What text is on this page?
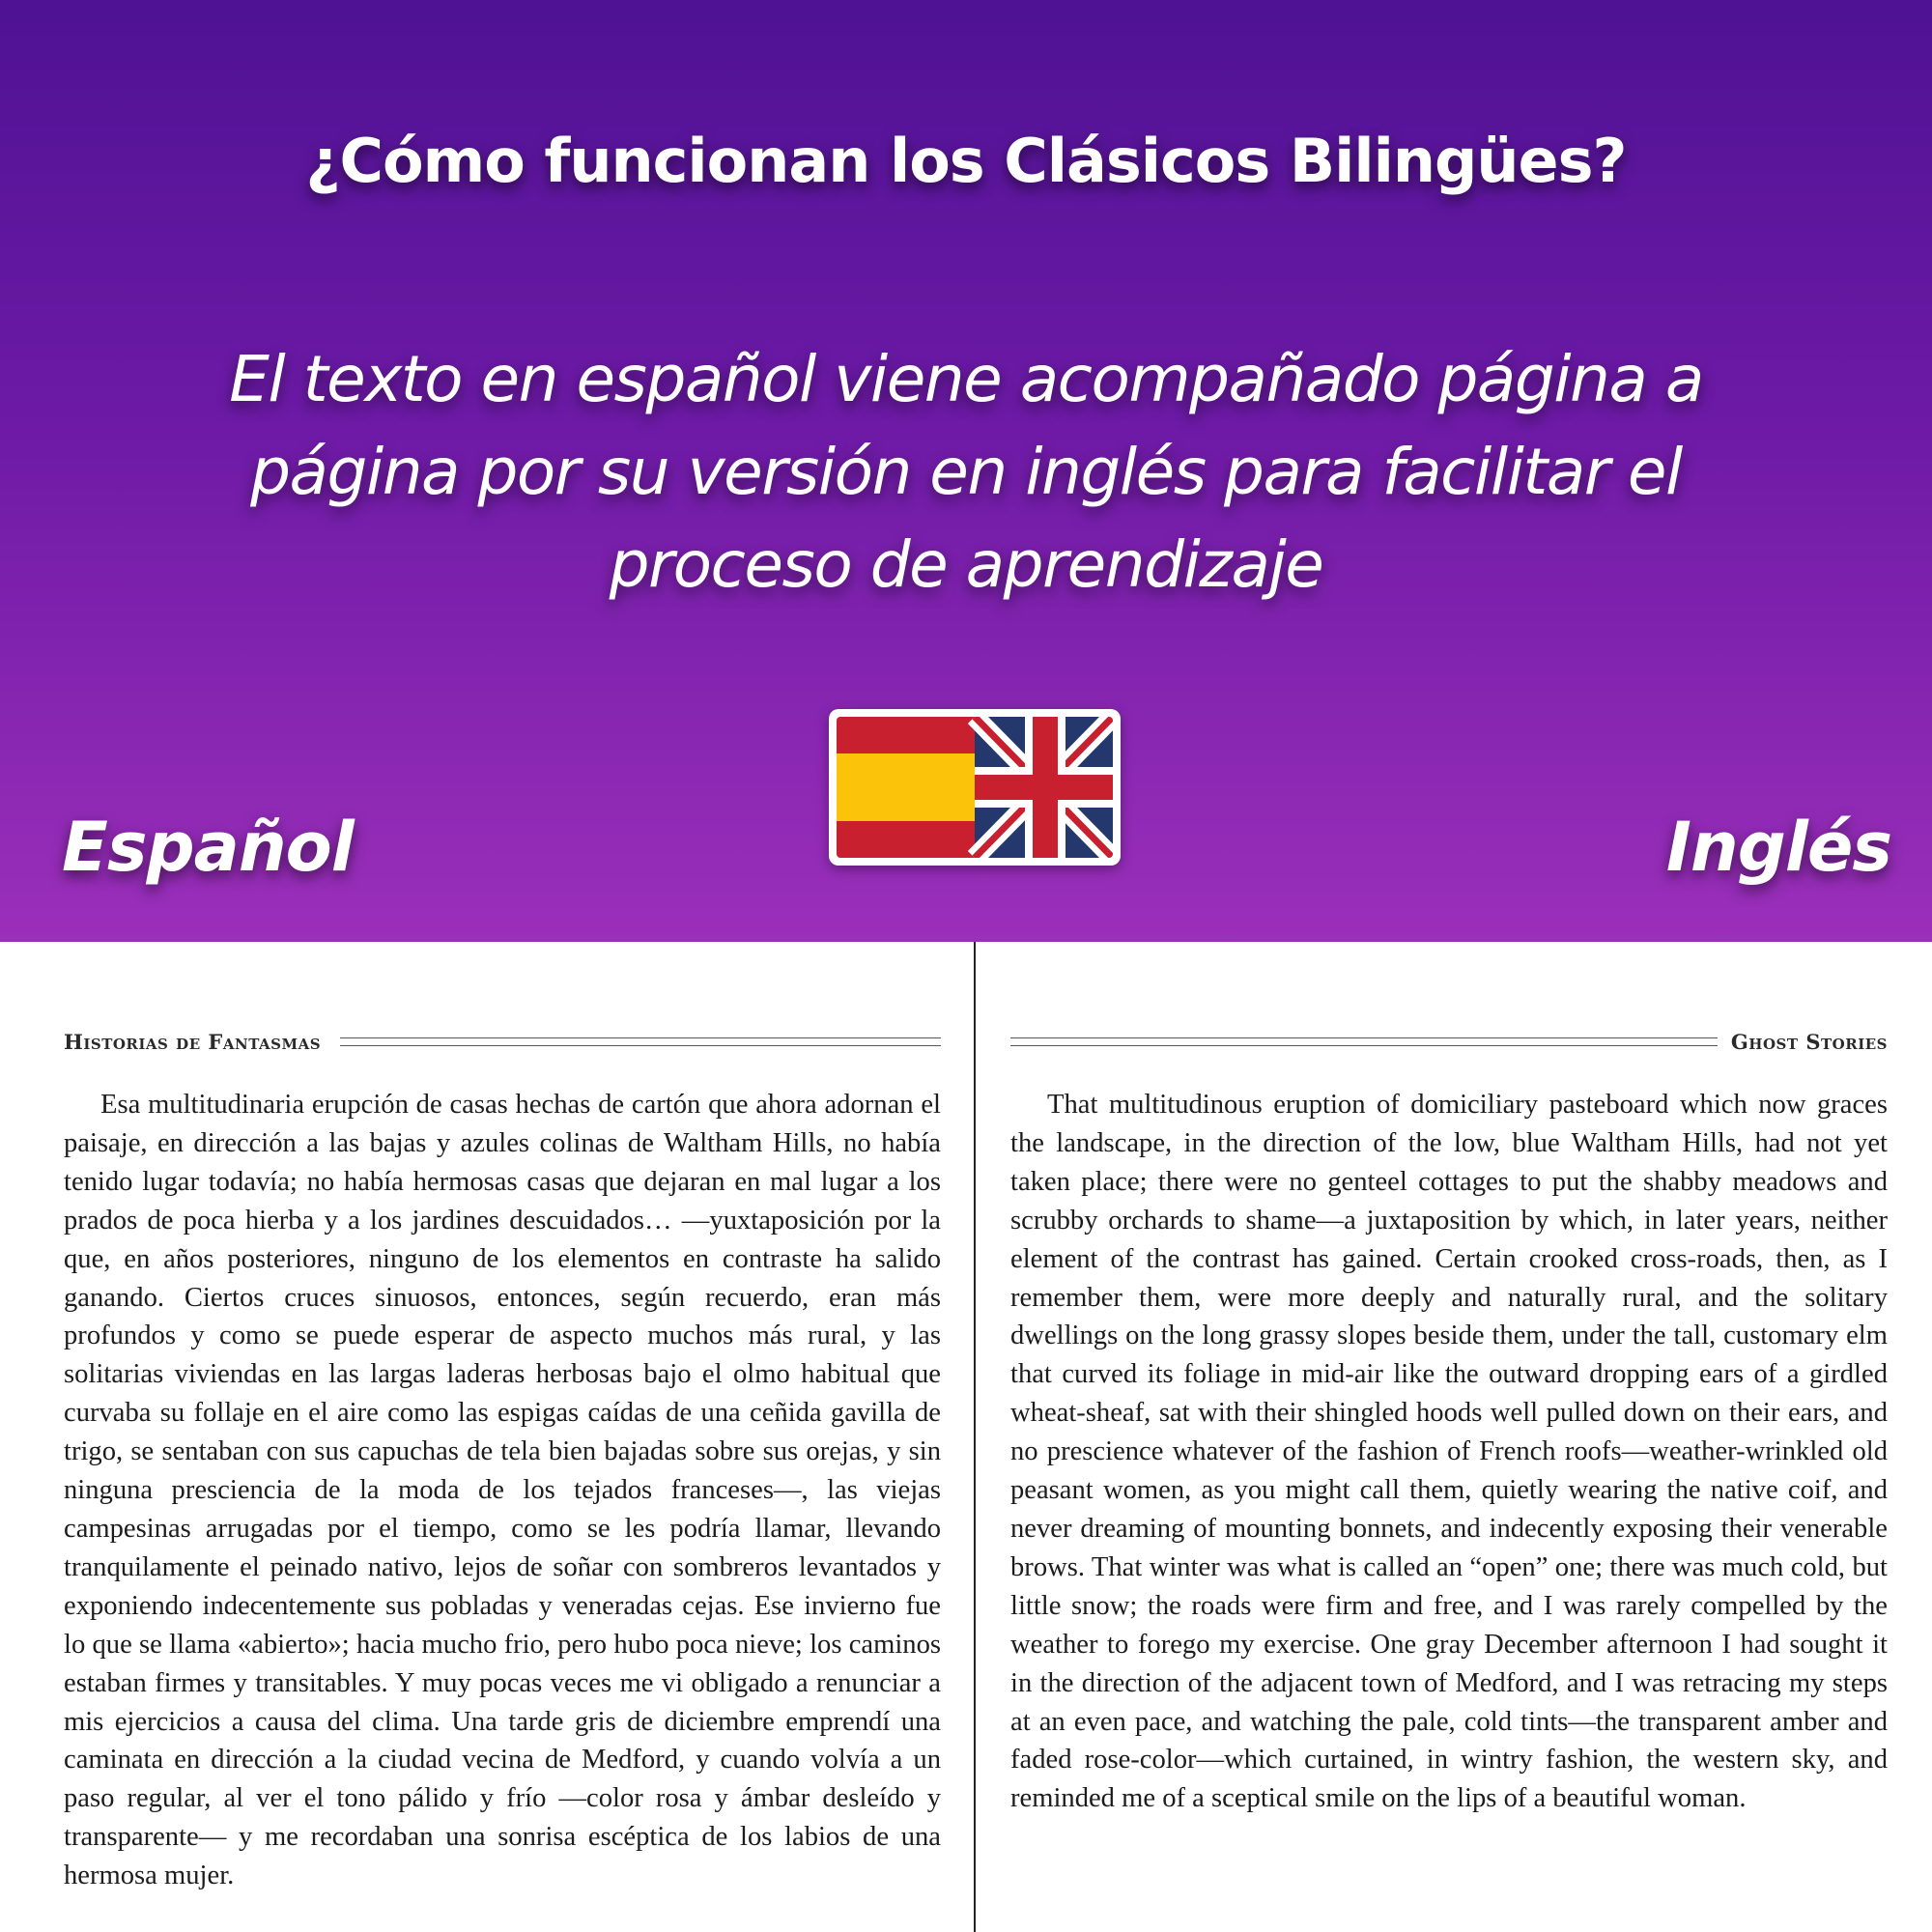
¿Cómo funcionan los Clásicos Bilingües?

El texto en español viene acompañado página a página por su versión en inglés para facilitar el proceso de aprendizaje

Español	Inglés
Historias de Fantasmas

Esa multitudinaria erupción de casas hechas de cartón que ahora adornan el paisaje, en dirección a las bajas y azules colinas de Waltham Hills, no había tenido lugar todavía; no había hermosas casas que dejaran en mal lugar a los prados de poca hierba y a los jardines descuidados… —yuxtaposición por la que, en años posteriores, ninguno de los elementos en contraste ha salido ganando. Ciertos cruces sinuosos, entonces, según recuerdo, eran más profundos y como se puede esperar de aspecto muchos más rural, y las solitarias viviendas en las largas laderas herbosas bajo el olmo habitual que curvaba su follaje en el aire como las espigas caídas de una ceñida gavilla de trigo, se sentaban con sus capuchas de tela bien bajadas sobre sus orejas, y sin ninguna presciencia de la moda de los tejados franceses—, las viejas campesinas arrugadas por el tiempo, como se les podría llamar, llevando tranquilamente el peinado nativo, lejos de soñar con sombreros levantados y exponiendo indecentemente sus pobladas y veneradas cejas. Ese invierno fue lo que se llama «abierto»; hacia mucho frio, pero hubo poca nieve; los caminos estaban firmes y transitables. Y muy pocas veces me vi obligado a renunciar a mis ejercicios a causa del clima. Una tarde gris de diciembre emprendí una caminata en dirección a la ciudad vecina de Medford, y cuando volvía a un paso regular, al ver el tono pálido y frío —color rosa y ámbar desleído y transparente— y me recordaban una sonrisa escéptica de los labios de una hermosa mujer.

Ghost Stories

That multitudinous eruption of domiciliary pasteboard which now graces the landscape, in the direction of the low, blue Waltham Hills, had not yet taken place; there were no genteel cottages to put the shabby meadows and scrubby orchards to shame—a juxtaposition by which, in later years, neither element of the contrast has gained. Certain crooked cross-roads, then, as I remember them, were more deeply and naturally rural, and the solitary dwellings on the long grassy slopes beside them, under the tall, customary elm that curved its foliage in mid-air like the outward dropping ears of a girdled wheat-sheaf, sat with their shingled hoods well pulled down on their ears, and no prescience whatever of the fashion of French roofs—weather-wrinkled old peasant women, as you might call them, quietly wearing the native coif, and never dreaming of mounting bonnets, and indecently exposing their venerable brows. That winter was what is called an “open” one; there was much cold, but little snow; the roads were firm and free, and I was rarely compelled by the weather to forego my exercise. One gray December afternoon I had sought it in the direction of the adjacent town of Medford, and I was retracing my steps at an even pace, and watching the pale, cold tints—the transparent amber and faded rose-color—which curtained, in wintry fashion, the western sky, and reminded me of a sceptical smile on the lips of a beautiful woman.
